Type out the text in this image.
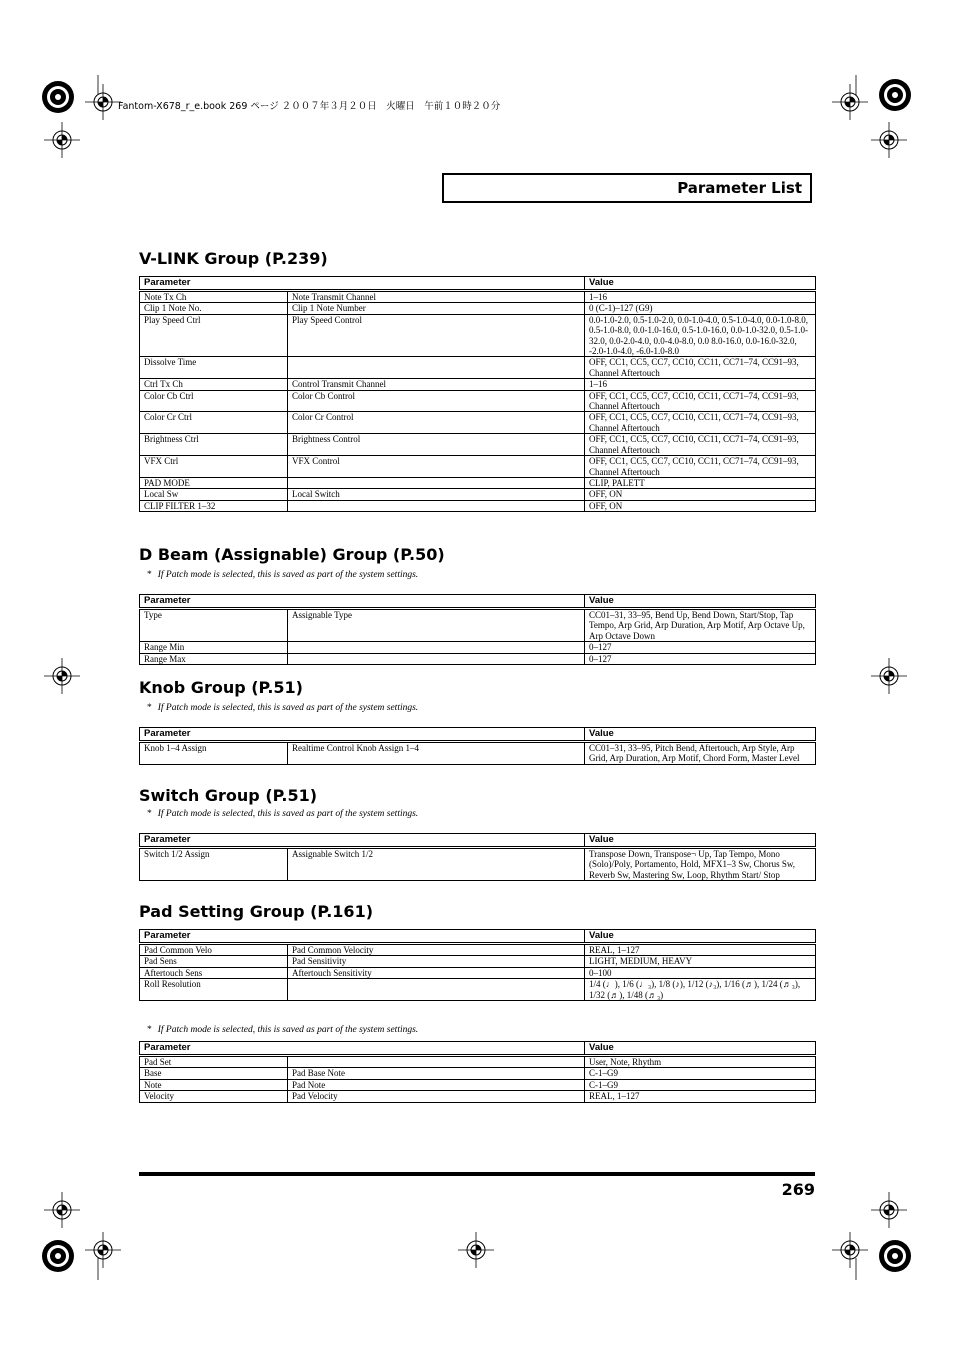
Fantom-X678_r_e.book 269 ページ ２００７年３月２０日　火曜日　午前１０時２０分
Parameter List
V-LINK Group (P.239)
Parameter		Value
Note Tx Ch	Note Transmit Channel	1–16
Clip 1 Note No.	Clip 1 Note Number	0 (C-1)–127 (G9)
Play Speed Ctrl	Play Speed Control	0.0-1.0-2.0, 0.5-1.0-2.0, 0.0-1.0-4.0, 0.5-1.0-4.0, 0.0-1.0-8.0, 0.5-1.0-8.0, 0.0-1.0-16.0, 0.5-1.0-16.0, 0.0-1.0-32.0, 0.5-1.0-32.0, 0.0-2.0-4.0, 0.0-4.0-8.0, 0.0 8.0-16.0, 0.0-16.0-32.0, -2.0-1.0-4.0, -6.0-1.0-8.0
Dissolve Time		OFF, CC1, CC5, CC7, CC10, CC11, CC71–74, CC91–93, Channel Aftertouch
Ctrl Tx Ch	Control Transmit Channel	1–16
Color Cb Ctrl	Color Cb Control	OFF, CC1, CC5, CC7, CC10, CC11, CC71–74, CC91–93, Channel Aftertouch
Color Cr Ctrl	Color Cr Control	OFF, CC1, CC5, CC7, CC10, CC11, CC71–74, CC91–93, Channel Aftertouch
Brightness Ctrl	Brightness Control	OFF, CC1, CC5, CC7, CC10, CC11, CC71–74, CC91–93, Channel Aftertouch
VFX Ctrl	VFX Control	OFF, CC1, CC5, CC7, CC10, CC11, CC71–74, CC91–93, Channel Aftertouch
PAD MODE		CLIP, PALETT
Local Sw	Local Switch	OFF, ON
CLIP FILTER 1–32		OFF, ON
D Beam (Assignable) Group (P.50)
* If Patch mode is selected, this is saved as part of the system settings.
Parameter		Value
Type	Assignable Type	CC01–31, 33–95, Bend Up, Bend Down, Start/Stop, Tap Tempo, Arp Grid, Arp Duration, Arp Motif, Arp Octave Up, Arp Octave Down
Range Min		0–127
Range Max		0–127
Knob Group (P.51)
* If Patch mode is selected, this is saved as part of the system settings.
Parameter		Value
Knob 1–4 Assign	Realtime Control Knob Assign 1–4	CC01–31, 33–95, Pitch Bend, Aftertouch, Arp Style, Arp Grid, Arp Duration, Arp Motif, Chord Form, Master Level
Switch Group (P.51)
* If Patch mode is selected, this is saved as part of the system settings.
Parameter		Value
Switch 1/2 Assign	Assignable Switch 1/2	Transpose Down, Transpose¬ Up, Tap Tempo, Mono (Solo)/Poly, Portamento, Hold, MFX1–3 Sw, Chorus Sw, Reverb Sw, Mastering Sw, Loop, Rhythm Start/ Stop
Pad Setting Group (P.161)
Parameter		Value
Pad Common Velo	Pad Common Velocity	REAL, 1–127
Pad Sens	Pad Sensitivity	LIGHT, MEDIUM, HEAVY
Aftertouch Sens	Aftertouch Sensitivity	0–100
Roll Resolution		1/4 (♩), 1/6 (♩₃), 1/8 (♪), 1/12 (♪₃), 1/16 (♬), 1/24 (♬₃), 1/32 (♬), 1/48 (♬₃)
* If Patch mode is selected, this is saved as part of the system settings.
Parameter		Value
Pad Set		User, Note, Rhythm
Base	Pad Base Note	C-1–G9
Note	Pad Note	C-1–G9
Velocity	Pad Velocity	REAL, 1–127
269
